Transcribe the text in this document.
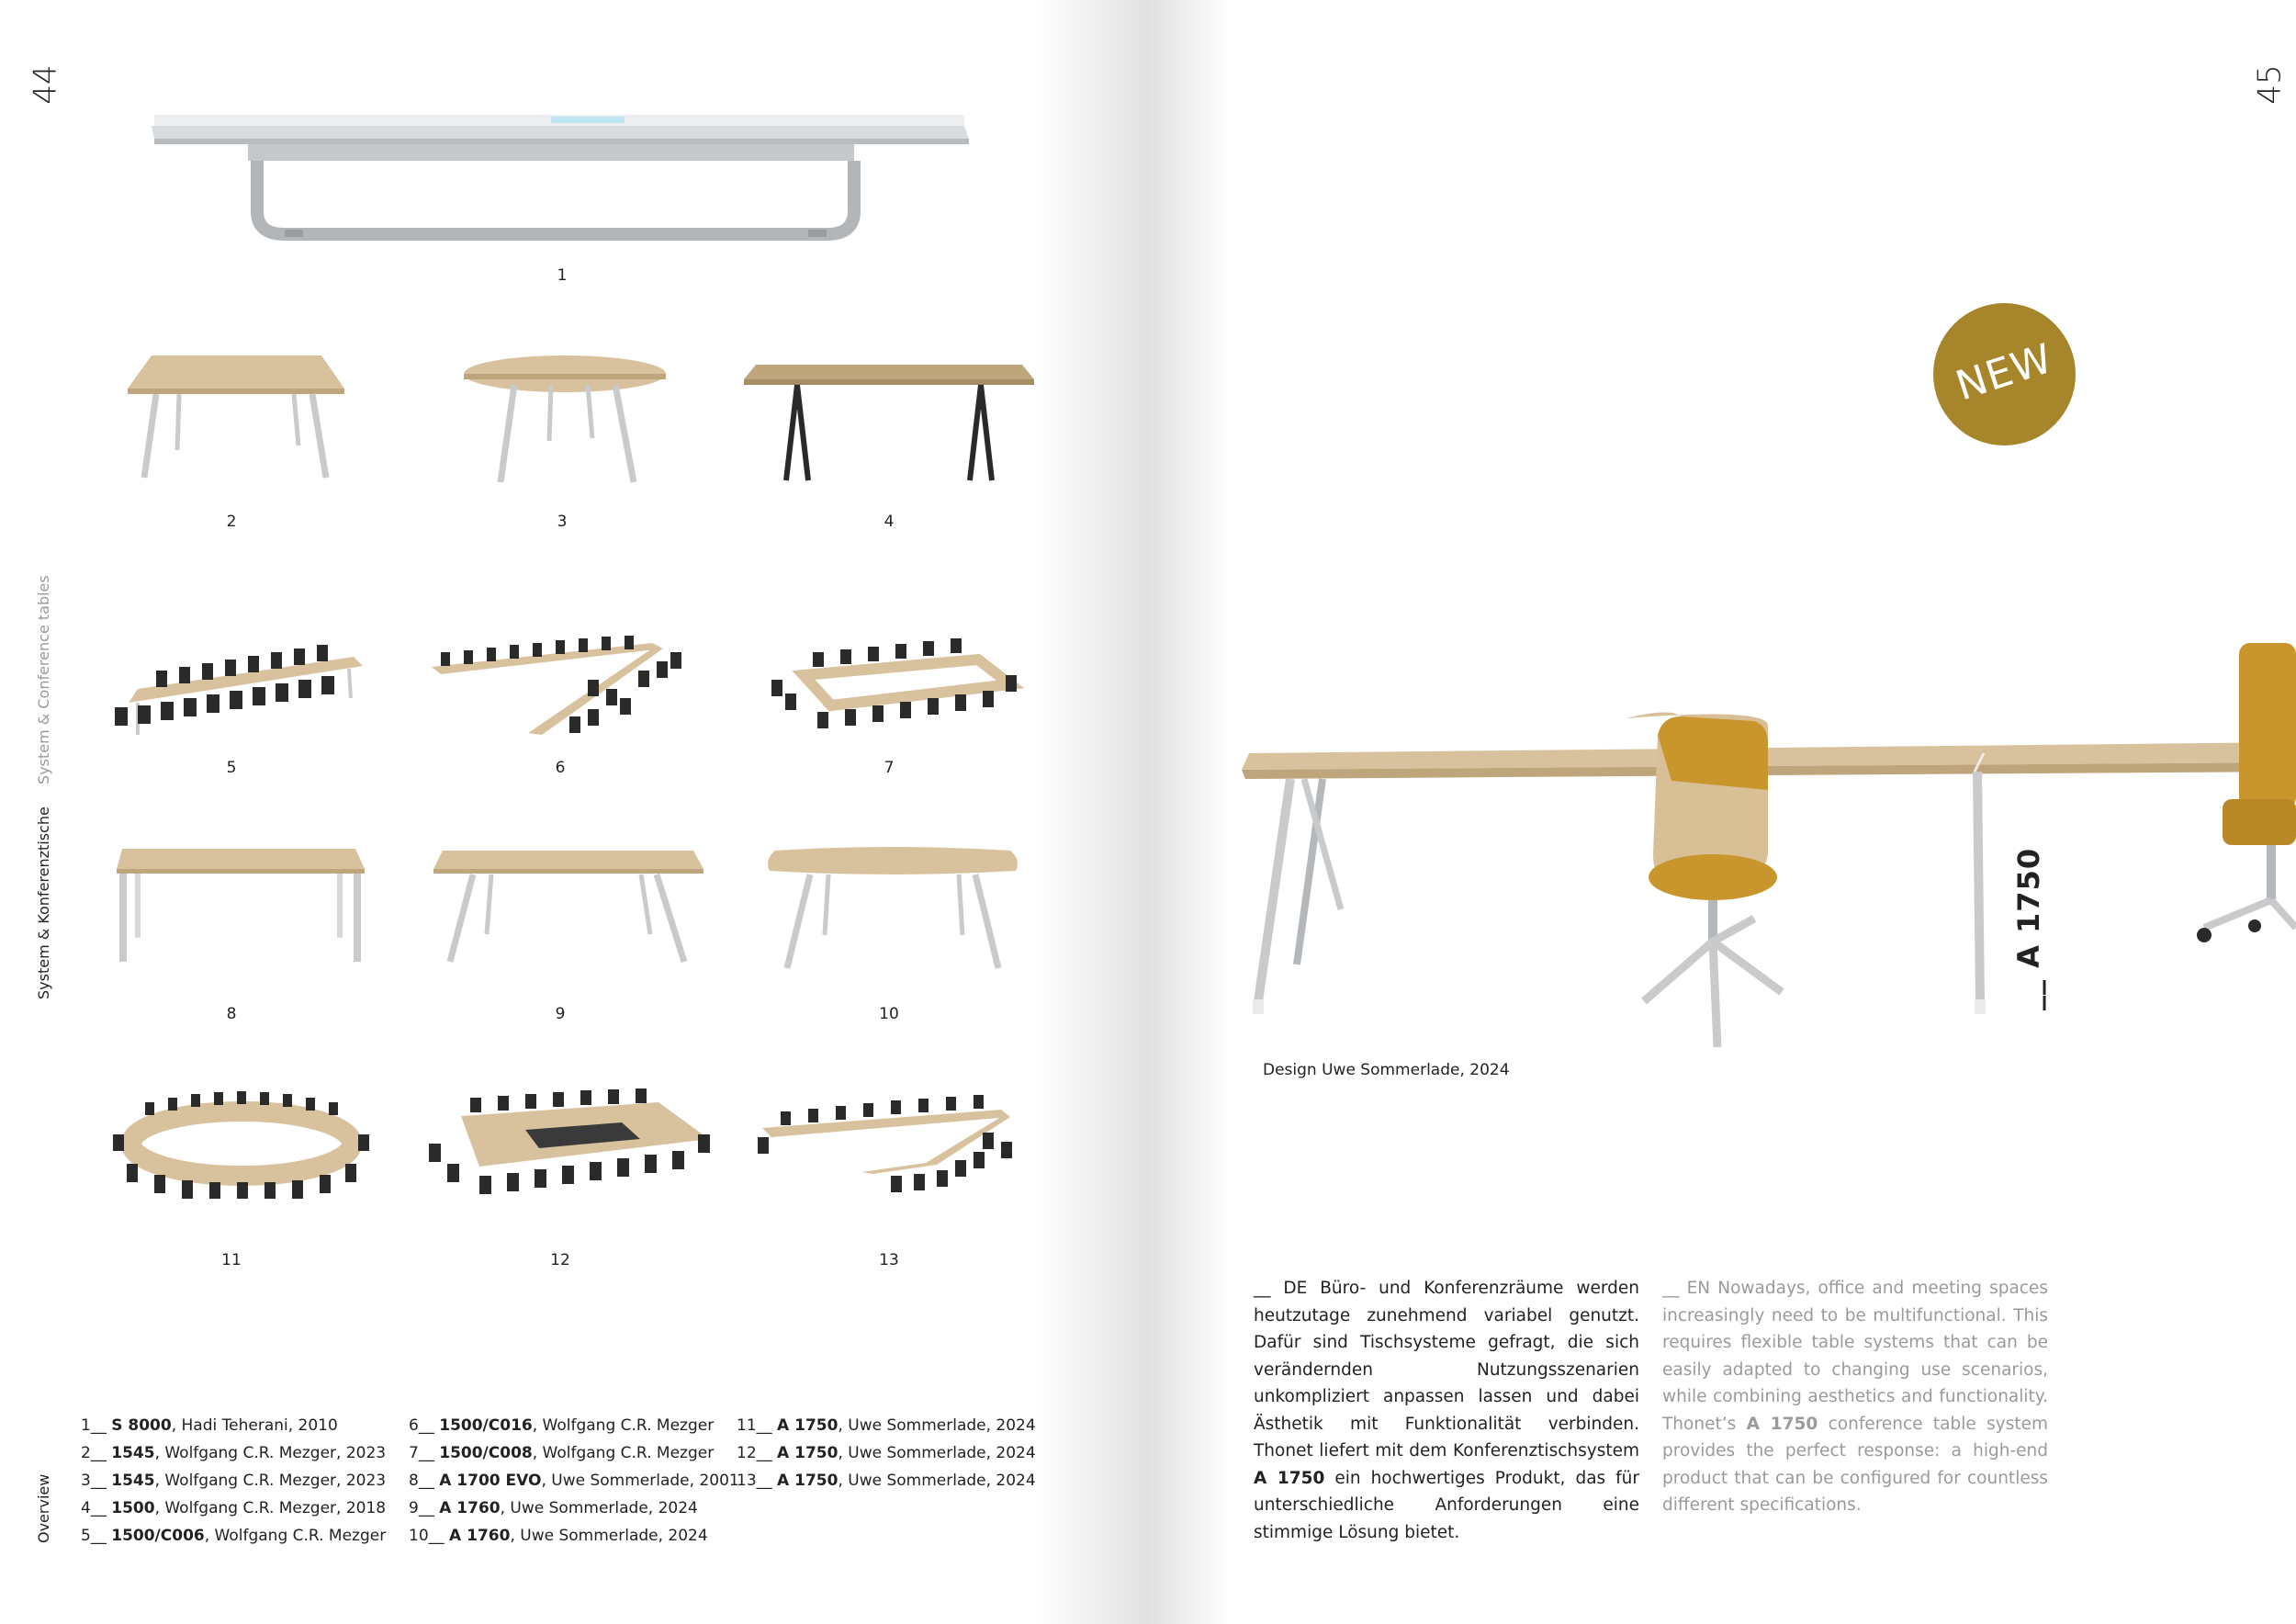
44
System & Konferenztische  System & Conference tables
Overview
1
2	3	4
5	6	7
8	9	10
11	12	13
1__ S 8000, Hadi Teherani, 2010
2__ 1545, Wolfgang C.R. Mezger, 2023
3__ 1545, Wolfgang C.R. Mezger, 2023
4__ 1500, Wolfgang C.R. Mezger, 2018
5__ 1500/C006, Wolfgang C.R. Mezger
6__ 1500/C016, Wolfgang C.R. Mezger
7__ 1500/C008, Wolfgang C.R. Mezger
8__ A 1700 EVO, Uwe Sommerlade, 2001
9__ A 1760, Uwe Sommerlade, 2024
10__ A 1760, Uwe Sommerlade, 2024
11__ A 1750, Uwe Sommerlade, 2024
12__ A 1750, Uwe Sommerlade, 2024
13__ A 1750, Uwe Sommerlade, 2024
45
NEW
__ A 1750
Design Uwe Sommerlade, 2024
__ DE Büro- und Konferenzräume werden heutzutage zunehmend variabel genutzt. Dafür sind Tischsysteme gefragt, die sich verändernden Nutzungsszenarien unkompliziert anpassen lassen und dabei Ästhetik mit Funktionalität verbinden. Thonet liefert mit dem Konferenztischsystem A 1750 ein hochwertiges Produkt, das für unterschiedliche Anforderungen eine stimmige Lösung bietet.
__ EN Nowadays, office and meeting spaces increasingly need to be multifunctional. This requires flexible table systems that can be easily adapted to changing use scenarios, while combining aesthetics and functionality. Thonet’s A 1750 conference table system provides the perfect response: a high-end product that can be configured for countless different specifications.
